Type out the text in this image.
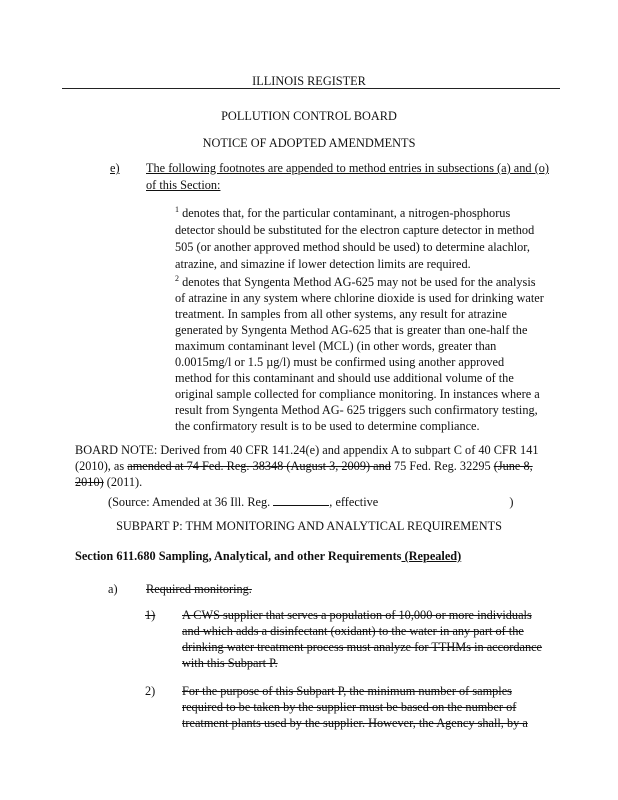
ILLINOIS REGISTER
POLLUTION CONTROL BOARD
NOTICE OF ADOPTED AMENDMENTS
e) The following footnotes are appended to method entries in subsections (a) and (o)
of this Section:
$^1$ denotes that, for the particular contaminant, a nitrogen-phosphorus
detector should be substituted for the electron capture detector in method
505 (or another approved method should be used) to determine alachlor,
atrazine, and simazine if lower detection limits are required.
$^2$ denotes that Syngenta Method AG-625 may not be used for the analysis
of atrazine in any system where chlorine dioxide is used for drinking water
treatment. In samples from all other systems, any result for atrazine
generated by Syngenta Method AG-625 that is greater than one-half the
maximum contaminant level (MCL) (in other words, greater than
0.0015mg/l or 1.5 µg/l) must be confirmed using another approved
method for this contaminant and should use additional volume of the
original sample collected for compliance monitoring. In instances where a
result from Syngenta Method AG- 625 triggers such confirmatory testing,
the confirmatory result is to be used to determine compliance.
BOARD NOTE: Derived from 40 CFR 141.24(e) and appendix A to subpart C of 40 CFR 141
(2010), as amended at 74 Fed. Reg. 38348 (August 3, 2009) and 75 Fed. Reg. 32295 (June 8,
2010) (2011).
(Source: Amended at 36 Ill. Reg.	, effective	)
SUBPART P: THM MONITORING AND ANALYTICAL REQUIREMENTS
Section 611.680 Sampling, Analytical, and other Requirements (Repealed)
a) Required monitoring.
1) A CWS supplier that serves a population of 10,000 or more individuals
and which adds a disinfectant (oxidant) to the water in any part of the
drinking water treatment process must analyze for TTHMs in accordance
with this Subpart P.
2) For the purpose of this Subpart P, the minimum number of samples
required to be taken by the supplier must be based on the number of
treatment plants used by the supplier. However, the Agency shall, by a
